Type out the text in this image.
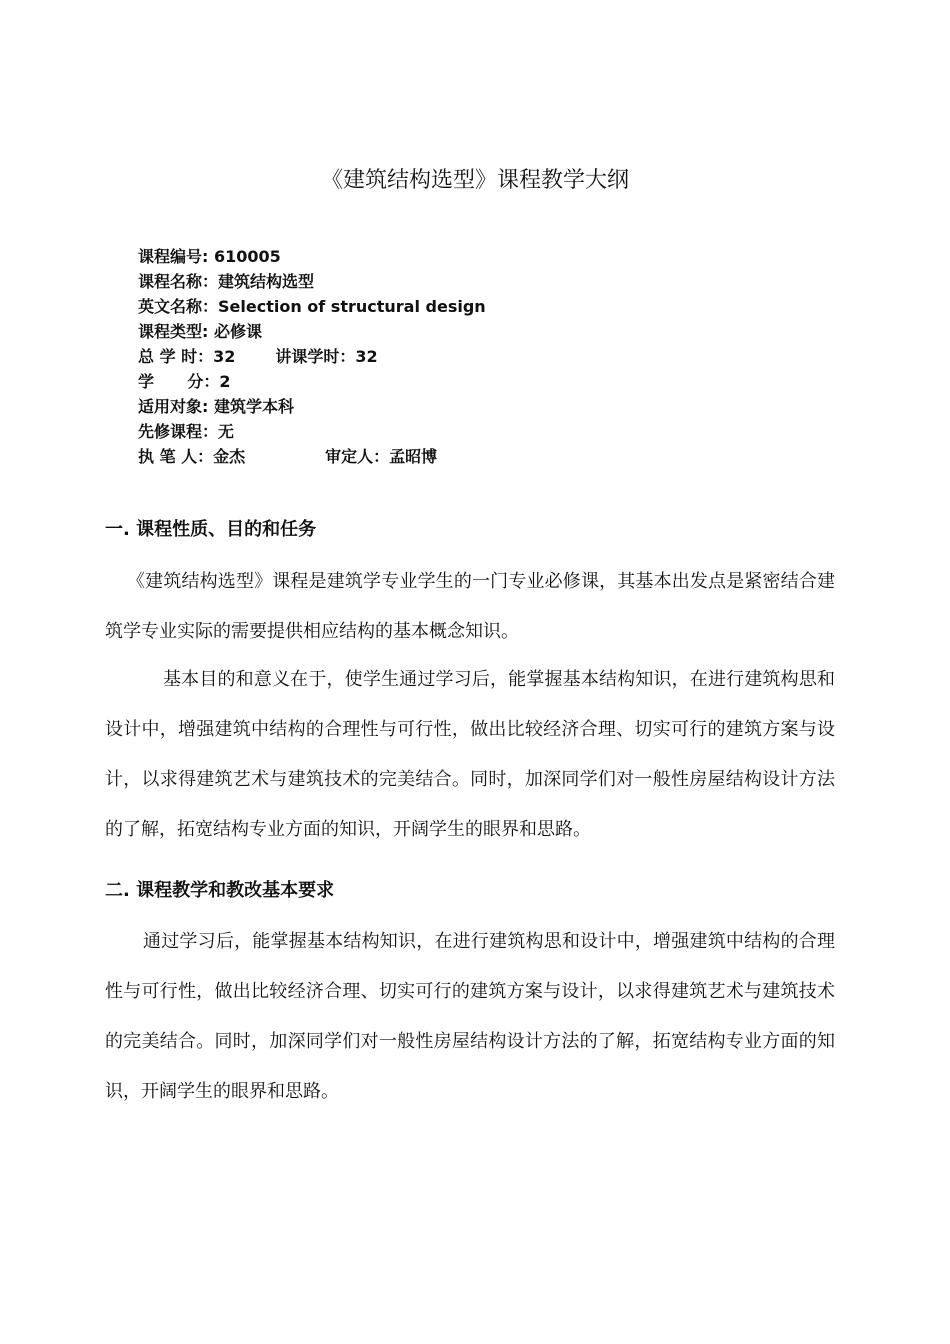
《建筑结构选型》课程教学大纲
课程编号: 610005
课程名称：建筑结构选型
英文名称：Selection of structural design
课程类型: 必修课
总 学 时：32	讲课学时：32
学      分：2
适用对象: 建筑学本科
先修课程：无
执 笔 人：金杰	审定人：孟昭博
一. 课程性质、目的和任务

《建筑结构选型》课程是建筑学专业学生的一门专业必修课，其基本出发点是紧密结合建筑学专业实际的需要提供相应结构的基本概念知识。

基本目的和意义在于，使学生通过学习后，能掌握基本结构知识，在进行建筑构思和设计中，增强建筑中结构的合理性与可行性，做出比较经济合理、切实可行的建筑方案与设计，以求得建筑艺术与建筑技术的完美结合。同时，加深同学们对一般性房屋结构设计方法的了解，拓宽结构专业方面的知识，开阔学生的眼界和思路。

二. 课程教学和教改基本要求

通过学习后，能掌握基本结构知识，在进行建筑构思和设计中，增强建筑中结构的合理性与可行性，做出比较经济合理、切实可行的建筑方案与设计，以求得建筑艺术与建筑技术的完美结合。同时，加深同学们对一般性房屋结构设计方法的了解，拓宽结构专业方面的知识，开阔学生的眼界和思路。
